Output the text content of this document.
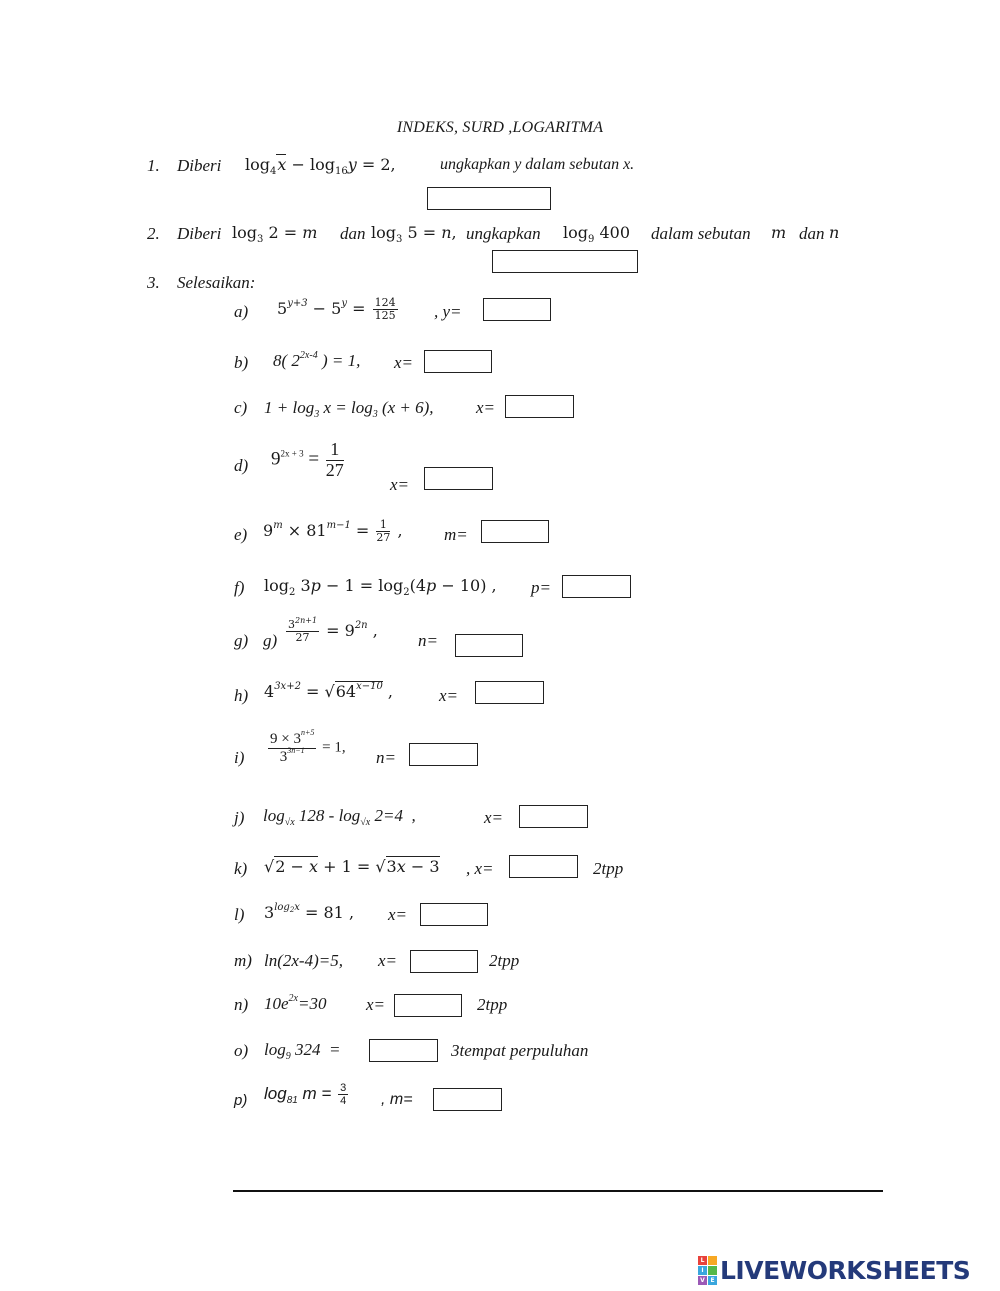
INDEKS, SURD ,LOGARITMA
1. Diberi $\log_4x - \log_{16}y = 2$,	ungkapkan y dalam sebutan x.
2. Diberi $\log_3 2 = m$ dan $\log_3 5 = n$, ungkapkan $\log_9 400$ dalam sebutan m dan n
3. Selesaikan:
a) $5^{y+3} - 5^y = \frac{124}{125}$ , y=
b) 8( $2^{2x-4}$ ) = 1, x=
c) $1 + \log_3 x = \log_3 (x + 6)$, x=
d) $9^{2x + 3} = \frac{1}{27}$
x=
e) $9^m \times 81^{m-1} = \frac{1}{27}$ , m=
f) $\log_2 3p - 1 = \log_2(4p - 10)$ , p=
g) $g) \frac{3^{2n+1}}{27} = 9^{2n}$ ,
n=
h) $4^{3x+2} = √64^{x-10}$ ,	x=
$i) \frac{9 \times 3^{n+5}}{3^{3n-1}} = 1$,
n=
j) $\log_{√x} 128 - \log_{√x} 2=4$  ,	x=
k) √2 − x + 1 = √3x − 3 , x=	2tpp
l) $3^{log_2x} = 81$ , x=
m) ln(2x-4)=5, x=	2tpp
n) $10e^{2x}=30$ x=	2tpp
o) $\log_9 324$  =	3tempat perpuluhan
p) $\log_{81} m = \frac{3}{4}$ , m=
L
I
V E LIVEWORKSHEETS
